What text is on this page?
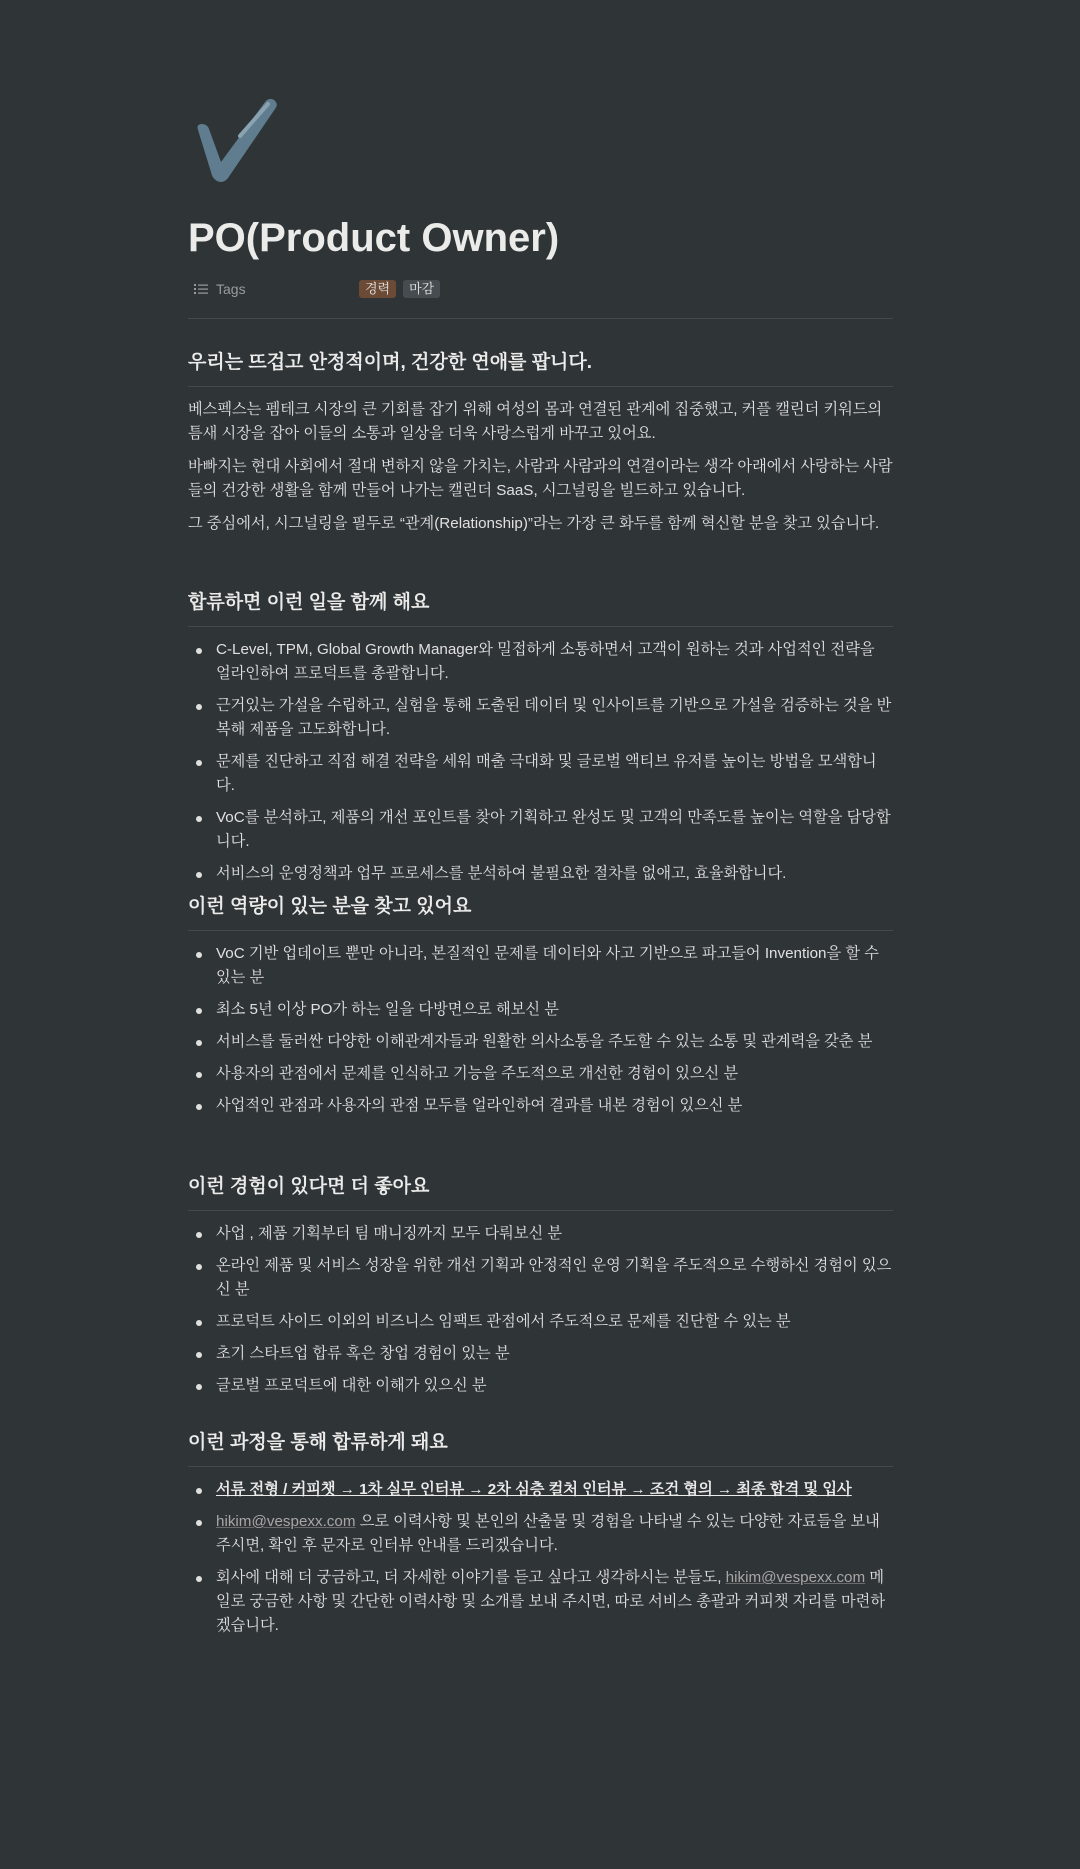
PO(Product Owner)
Tags	경력	마감
우리는 뜨겁고 안정적이며, 건강한 연애를 팝니다.

베스펙스는 펨테크 시장의 큰 기회를 잡기 위해 여성의 몸과 연결된 관계에 집중했고, 커플 캘린더 키워드의 틈새 시장을 잡아 이들의 소통과 일상을 더욱 사랑스럽게 바꾸고 있어요.

바빠지는 현대 사회에서 절대 변하지 않을 가치는, 사람과 사람과의 연결이라는 생각 아래에서 사랑하는 사람들의 건강한 생활을 함께 만들어 나가는 캘린더 SaaS, 시그널링을 빌드하고 있습니다.

그 중심에서, 시그널링을 필두로 “관계(Relationship)”라는 가장 큰 화두를 함께 혁신할 분을 찾고 있습니다.

합류하면 이런 일을 함께 해요
C-Level, TPM, Global Growth Manager와 밀접하게 소통하면서 고객이 원하는 것과 사업적인 전략을 얼라인하여 프로덕트를 총괄합니다.
근거있는 가설을 수립하고, 실험을 통해 도출된 데이터 및 인사이트를 기반으로 가설을 검증하는 것을 반복해 제품을 고도화합니다.
문제를 진단하고 직접 해결 전략을 세워 매출 극대화 및 글로벌 액티브 유저를 높이는 방법을 모색합니다.
VoC를 분석하고, 제품의 개선 포인트를 찾아 기획하고 완성도 및 고객의 만족도를 높이는 역할을 담당합니다.
서비스의 운영정책과 업무 프로세스를 분석하여 불필요한 절차를 없애고, 효율화합니다.
이런 역량이 있는 분을 찾고 있어요
VoC 기반 업데이트 뿐만 아니라, 본질적인 문제를 데이터와 사고 기반으로 파고들어 Invention을 할 수 있는 분
최소 5년 이상 PO가 하는 일을 다방면으로 해보신 분
서비스를 둘러싼 다양한 이해관계자들과 원활한 의사소통을 주도할 수 있는 소통 및 관계력을 갖춘 분
사용자의 관점에서 문제를 인식하고 기능을 주도적으로 개선한 경험이 있으신 분
사업적인 관점과 사용자의 관점 모두를 얼라인하여 결과를 내본 경험이 있으신 분
이런 경험이 있다면 더 좋아요
사업 , 제품 기획부터 팀 매니징까지 모두 다뤄보신 분
온라인 제품 및 서비스 성장을 위한 개선 기획과 안정적인 운영 기획을 주도적으로 수행하신 경험이 있으신 분
프로덕트 사이드 이외의 비즈니스 임팩트 관점에서 주도적으로 문제를 진단할 수 있는 분
초기 스타트업 합류 혹은 창업 경험이 있는 분
글로벌 프로덕트에 대한 이해가 있으신 분
이런 과정을 통해 합류하게 돼요
서류 전형 / 커피챗 → 1차 실무 인터뷰 → 2차 심층 컬처 인터뷰 → 조건 협의 → 최종 합격 및 입사
hikim@vespexx.com 으로 이력사항 및 본인의 산출물 및 경험을 나타낼 수 있는 다양한 자료들을 보내주시면, 확인 후 문자로 인터뷰 안내를 드리겠습니다.
회사에 대해 더 궁금하고, 더 자세한 이야기를 듣고 싶다고 생각하시는 분들도, hikim@vespexx.com 메일로 궁금한 사항 및 간단한 이력사항 및 소개를 보내 주시면, 따로 서비스 총괄과 커피챗 자리를 마련하겠습니다.
